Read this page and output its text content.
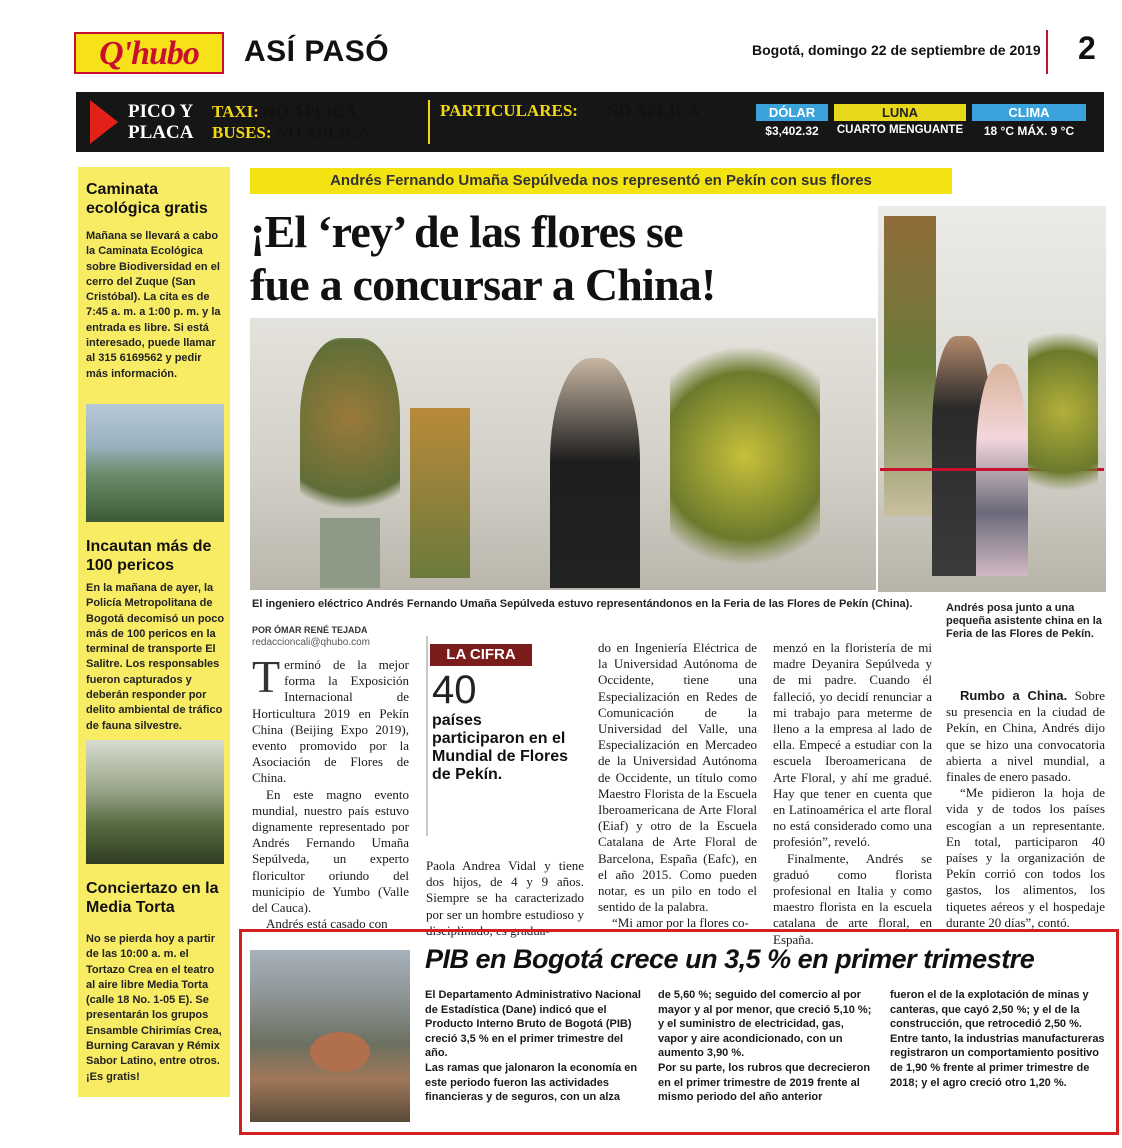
Q'hubo	ASÍ PASÓ	Bogotá, domingo 22 de septiembre de 2019 2
PICO Y
PLACA
TAXI: NO APLICA
BUSES: NO APLICA
PARTICULARES: NO APLICA	DÓLAR
$3,402.32
LUNA
CUARTO MENGUANTE
CLIMA
18 °C MÁX. 9 °C
Caminata ecológica gratis
Mañana se llevará a cabo la Caminata Ecológica sobre Biodiversidad en el cerro del Zuque (San Cristóbal). La cita es de 7:45 a. m. a 1:00 p. m. y la entrada es libre. Si está interesado, puede llamar al 315 6169562 y pedir más información.
Incautan más de 100 pericos
En la mañana de ayer, la Policía Metropolitana de Bogotá decomisó un poco más de 100 pericos en la terminal de transporte El Salitre. Los responsables fueron capturados y deberán responder por delito ambiental de tráfico de fauna silvestre.
Conciertazo en la Media Torta
No se pierda hoy a partir de las 10:00 a. m. el Tortazo Crea en el teatro al aire libre Media Torta (calle 18 No. 1-05 E). Se presentarán los grupos Ensamble Chirimías Crea, Burning Caravan y Rémix Sabor Latino, entre otros. ¡Es gratis!
Andrés Fernando Umaña Sepúlveda nos representó en Pekín con sus flores
¡El ‘rey’ de las flores se
fue a concursar a China!
El ingeniero eléctrico Andrés Fernando Umaña Sepúlveda estuvo representándonos en la Feria de las Flores de Pekín (China).	Andrés posa junto a una pequeña asistente china en la Feria de las Flores de Pekín.
POR ÓMAR RENÉ TEJADA
redaccioncali@qhubo.com

Terminó de la mejor forma la Exposición Internacional de Horticultura 2019 en Pekín China (Beijing Expo 2019), evento promovido por la Asociación de Flores de China.

En este magno evento mundial, nuestro país estuvo dignamente representado por Andrés Fernando Umaña Sepúlveda, un experto floricultor oriundo del municipio de Yumbo (Valle del Cauca).

Andrés está casado con

LA CIFRA
40
países participaron en el Mundial de Flores de Pekín.

Paola Andrea Vidal y tiene dos hijos, de 4 y 9 años. Siempre se ha caracterizado por ser un hombre estudioso y disciplinado, es gradua-

do en Ingeniería Eléctrica de la Universidad Autónoma de Occidente, tiene una Especialización en Redes de Comunicación de la Universidad del Valle, una Especialización en Mercadeo de la Universidad Autónoma de Occidente, un título como Maestro Florista de la Escuela Iberoamericana de Arte Floral (Eiaf) y otro de la Escuela Catalana de Arte Floral de Barcelona, España (Eafc), en el año 2015. Como pueden notar, es un pilo en todo el sentido de la palabra.

“Mi amor por la flores co-

menzó en la floristería de mi madre Deyanira Sepúlveda y de mi padre. Cuando él falleció, yo decidí renunciar a mi trabajo para meterme de lleno a la empresa al lado de ella. Empecé a estudiar con la escuela Iberoamericana de Arte Floral, y ahí me gradué. Hay que tener en cuenta que en Latinoamérica el arte floral no está considerado como una profesión”, reveló.

Finalmente, Andrés se graduó como florista profesional en Italia y como maestro florista en la escuela catalana de arte floral, en España.

Rumbo a China. Sobre su presencia en la ciudad de Pekín, en China, Andrés dijo que se hizo una convocatoria abierta a nivel mundial, a finales de enero pasado.

“Me pidieron la hoja de vida y de todos los países escogían a un representante. En total, participaron 40 países y la organización de Pekín corrió con todos los gastos, los alimentos, los tiquetes aéreos y el hospedaje durante 20 días”, contó.

PIB en Bogotá crece un 3,5 % en primer trimestre

El Departamento Administrativo Nacional de Estadística (Dane) indicó que el Producto Interno Bruto de Bogotá (PIB) creció 3,5 % en el primer trimestre del año.

Las ramas que jalonaron la economía en este periodo fueron las actividades financieras y de seguros, con un alza

de 5,60 %; seguido del comercio al por mayor y al por menor, que creció 5,10 %; y el suministro de electricidad, gas, vapor y aire acondicionado, con un aumento 3,90 %.

Por su parte, los rubros que decrecieron en el primer trimestre de 2019 frente al mismo periodo del año anterior

fueron el de la explotación de minas y canteras, que cayó 2,50 %; y el de la construcción, que retrocedió 2,50 %. Entre tanto, la industrias manufactureras registraron un comportamiento positivo de 1,90 % frente al primer trimestre de 2018; y el agro creció otro 1,20 %.
